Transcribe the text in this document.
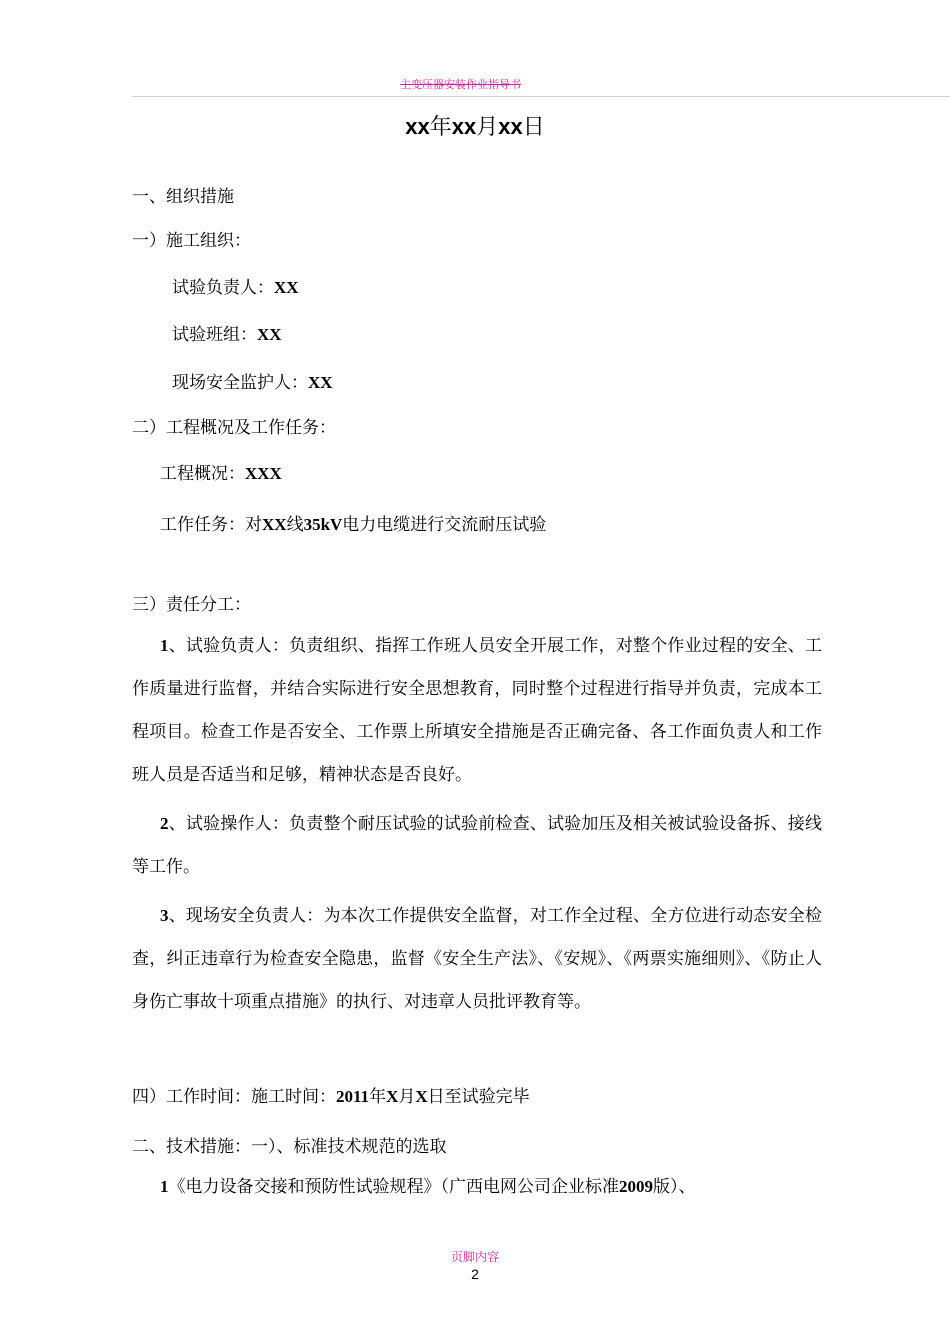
主变压器安装作业指导书
xx年xx月xx日
一、组织措施
一）施工组织：
试验负责人：XX
试验班组：XX
现场安全监护人：XX
二）工程概况及工作任务：
工程概况：XXX
工作任务：对XX线35kV电力电缆进行交流耐压试验
三）责任分工：
1、试验负责人：负责组织、指挥工作班人员安全开展工作，对整个作业过程的安全、工作质量进行监督，并结合实际进行安全思想教育，同时整个过程进行指导并负责，完成本工程项目。检查工作是否安全、工作票上所填安全措施是否正确完备、各工作面负责人和工作班人员是否适当和足够，精神状态是否良好。
2、试验操作人：负责整个耐压试验的试验前检查、试验加压及相关被试验设备拆、接线等工作。
3、现场安全负责人：为本次工作提供安全监督，对工作全过程、全方位进行动态安全检查，纠正违章行为检查安全隐患，监督《安全生产法》、《安规》、《两票实施细则》、《防止人身伤亡事故十项重点措施》的执行、对违章人员批评教育等。
四）工作时间：施工时间：2011年X月X日至试验完毕
二、技术措施：一）、标准技术规范的选取
1《电力设备交接和预防性试验规程》（广西电网公司企业标准2009版）、
页脚内容
2
